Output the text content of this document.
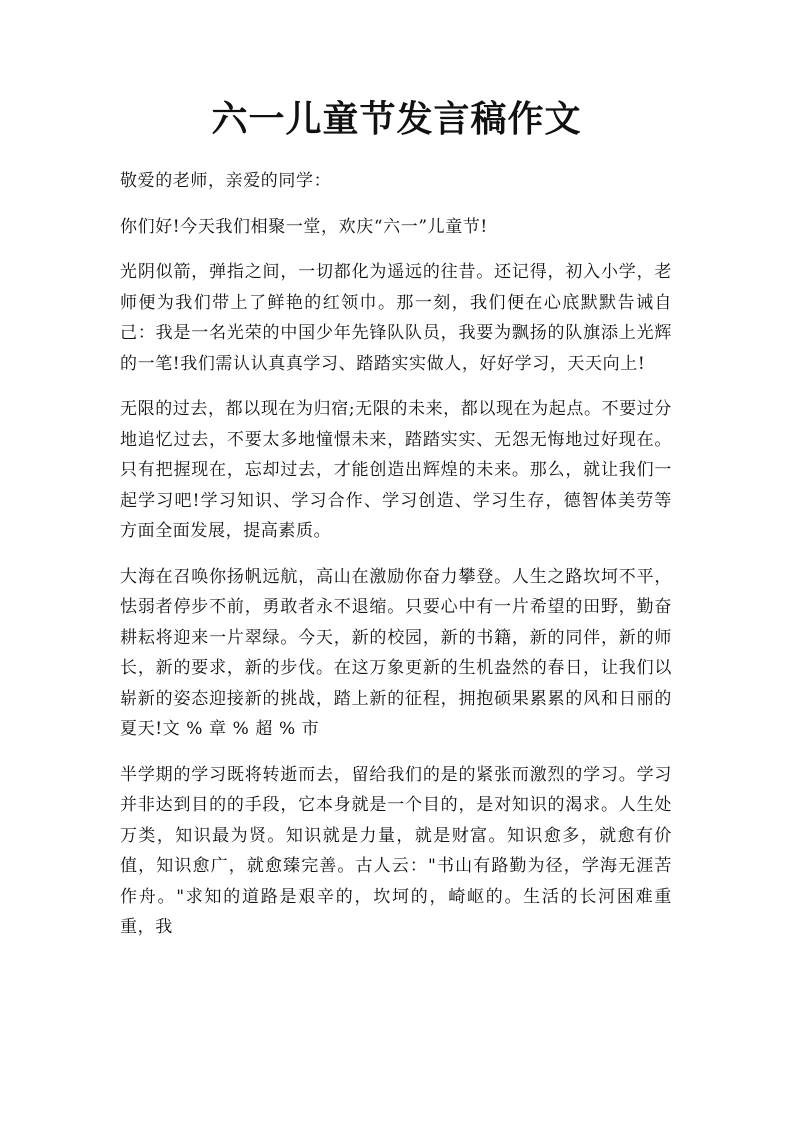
六一儿童节发言稿作文

敬爱的老师，亲爱的同学：

你们好!今天我们相聚一堂，欢庆“六一”儿童节!

光阴似箭，弹指之间，一切都化为遥远的往昔。还记得，初入小学，老师便为我们带上了鲜艳的红领巾。那一刻，我们便在心底默默告诫自己：我是一名光荣的中国少年先锋队队员，我要为飘扬的队旗添上光辉的一笔!我们需认认真真学习、踏踏实实做人，好好学习，天天向上!

无限的过去，都以现在为归宿;无限的未来，都以现在为起点。不要过分地追忆过去，不要太多地憧憬未来，踏踏实实、无怨无悔地过好现在。只有把握现在，忘却过去，才能创造出辉煌的未来。那么，就让我们一起学习吧!学习知识、学习合作、学习创造、学习生存，德智体美劳等方面全面发展，提高素质。

大海在召唤你扬帆远航，高山在激励你奋力攀登。人生之路坎坷不平，怯弱者停步不前，勇敢者永不退缩。只要心中有一片希望的田野，勤奋耕耘将迎来一片翠绿。今天，新的校园，新的书籍，新的同伴，新的师长，新的要求，新的步伐。在这万象更新的生机盎然的春日，让我们以崭新的姿态迎接新的挑战，踏上新的征程，拥抱硕果累累的风和日丽的夏天!文 % 章 % 超 % 市

半学期的学习既将转逝而去，留给我们的是的紧张而激烈的学习。学习并非达到目的的手段，它本身就是一个目的，是对知识的渴求。人生处万类，知识最为贤。知识就是力量，就是财富。知识愈多，就愈有价值，知识愈广，就愈臻完善。古人云："书山有路勤为径，学海无涯苦作舟。"求知的道路是艰辛的，坎坷的，崎岖的。生活的长河困难重重，我
